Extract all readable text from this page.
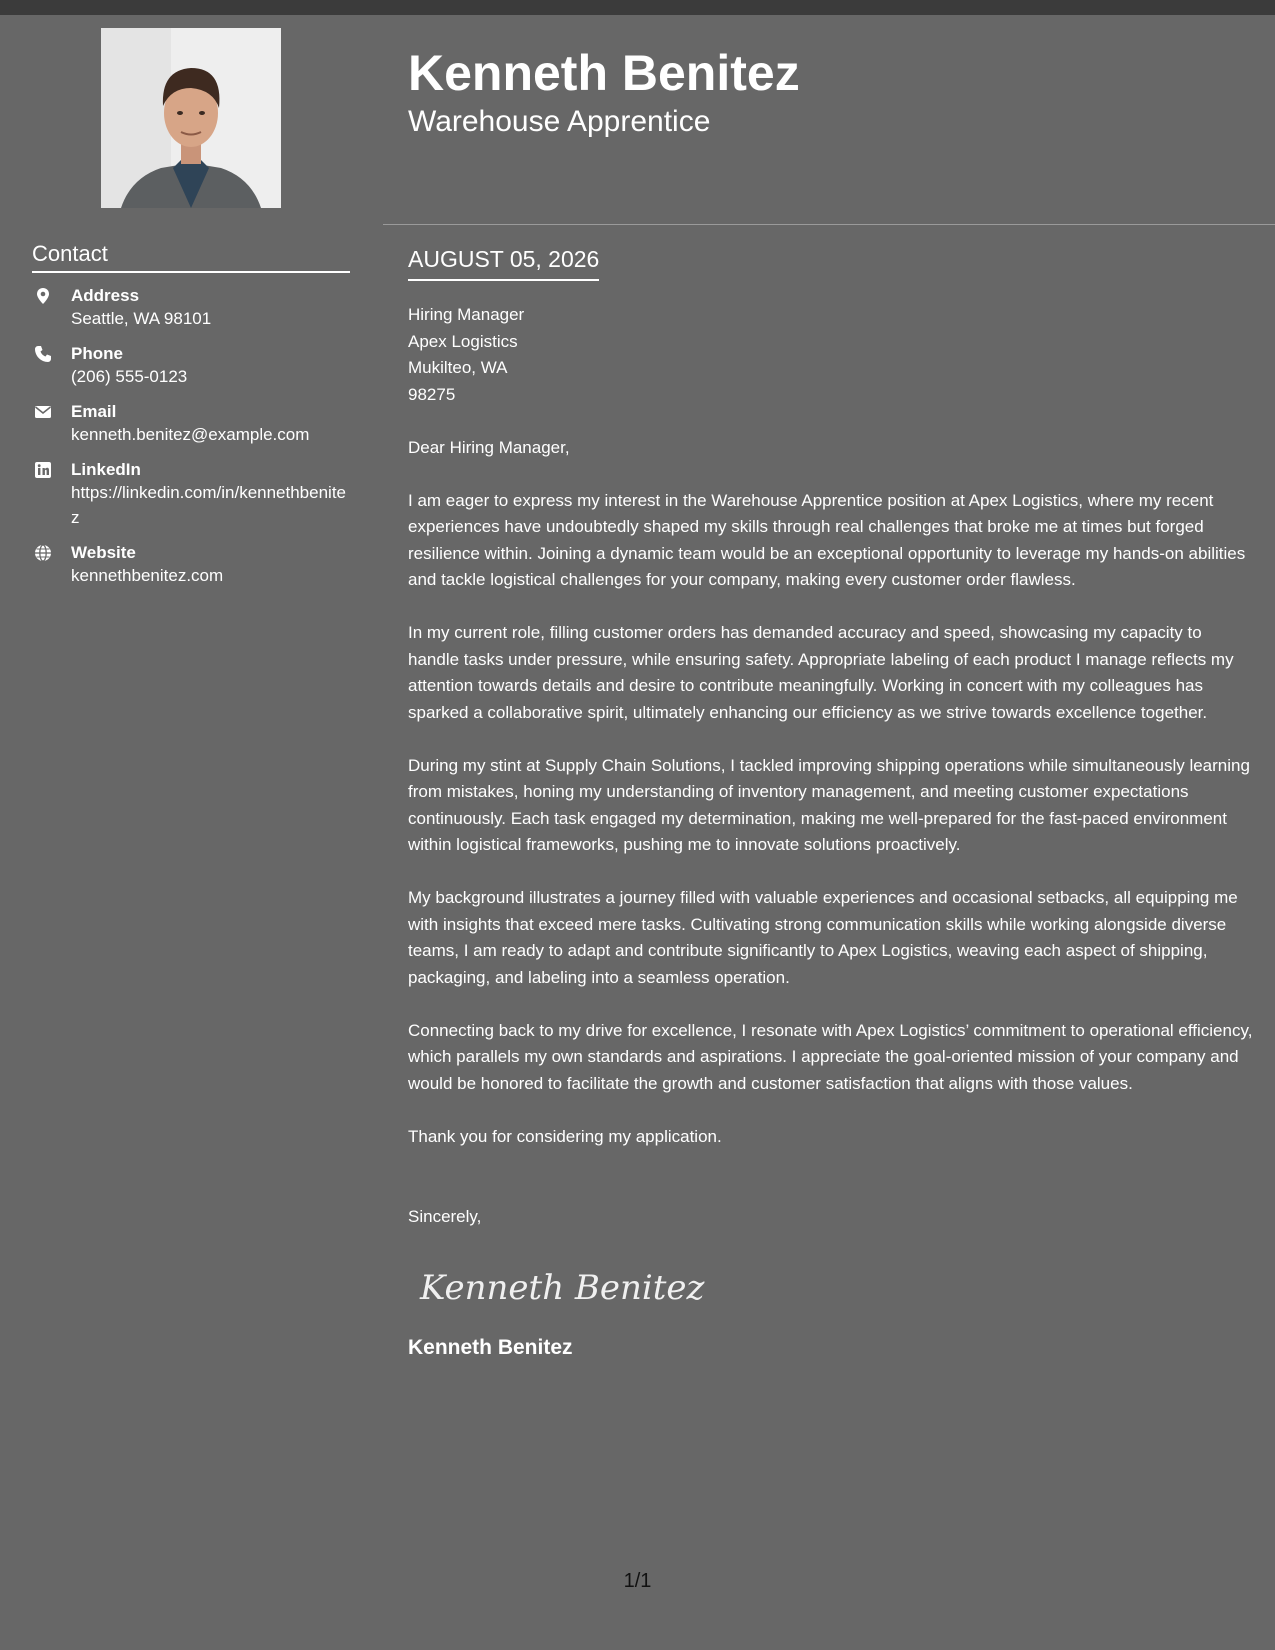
Contact
Address
Seattle, WA 98101
Phone
(206) 555-0123
Email
kenneth.benitez@example.com
LinkedIn
https://linkedin.com/in/kennethbenitez
Website
kennethbenitez.com
Kenneth Benitez
Warehouse Apprentice
AUGUST 05, 2026

Hiring Manager
Apex Logistics
Mukilteo, WA
98275

Dear Hiring Manager,

I am eager to express my interest in the Warehouse Apprentice position at Apex Logistics, where my recent experiences have undoubtedly shaped my skills through real challenges that broke me at times but forged resilience within. Joining a dynamic team would be an exceptional opportunity to leverage my hands-on abilities and tackle logistical challenges for your company, making every customer order flawless.

In my current role, filling customer orders has demanded accuracy and speed, showcasing my capacity to handle tasks under pressure, while ensuring safety. Appropriate labeling of each product I manage reflects my attention towards details and desire to contribute meaningfully. Working in concert with my colleagues has sparked a collaborative spirit, ultimately enhancing our efficiency as we strive towards excellence together.

During my stint at Supply Chain Solutions, I tackled improving shipping operations while simultaneously learning from mistakes, honing my understanding of inventory management, and meeting customer expectations continuously. Each task engaged my determination, making me well-prepared for the fast-paced environment within logistical frameworks, pushing me to innovate solutions proactively.

My background illustrates a journey filled with valuable experiences and occasional setbacks, all equipping me with insights that exceed mere tasks. Cultivating strong communication skills while working alongside diverse teams, I am ready to adapt and contribute significantly to Apex Logistics, weaving each aspect of shipping, packaging, and labeling into a seamless operation.

Connecting back to my drive for excellence, I resonate with Apex Logistics’ commitment to operational efficiency, which parallels my own standards and aspirations. I appreciate the goal-oriented mission of your company and would be honored to facilitate the growth and customer satisfaction that aligns with those values.

Thank you for considering my application.

Sincerely,

Kenneth Benitez
Kenneth Benitez
1/1
